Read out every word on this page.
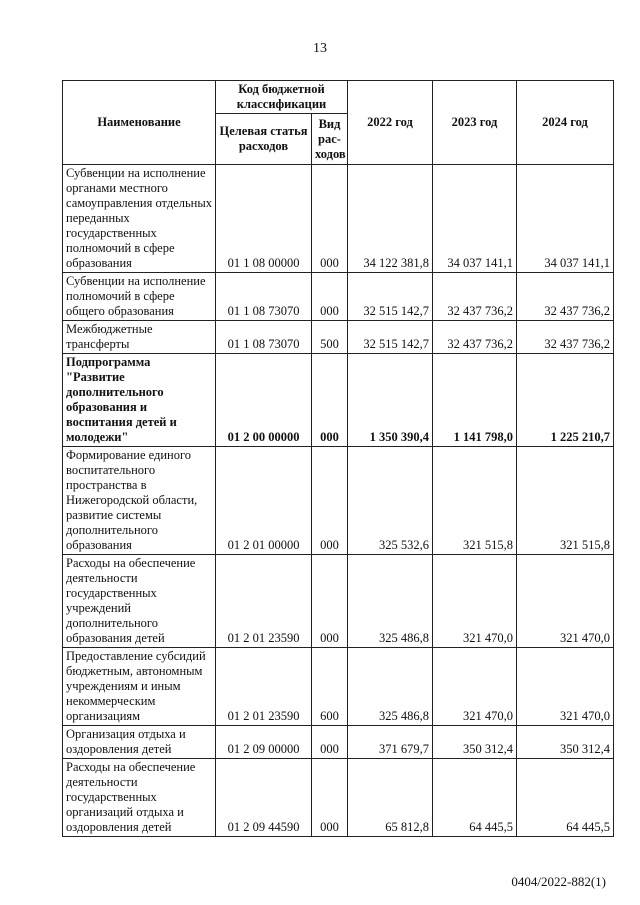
13
Наименование	Код бюджетной классификации		2022 год	2023 год	2024 год
	Целевая статья расходов	Вид рас-ходов			
Субвенции на исполнение органами местного самоуправления отдельных переданных государственных полномочий в сфере образования	01 1 08 00000	000	34 122 381,8	34 037 141,1	34 037 141,1
Субвенции на исполнение полномочий в сфере общего образования	01 1 08 73070	000	32 515 142,7	32 437 736,2	32 437 736,2
Межбюджетные трансферты	01 1 08 73070	500	32 515 142,7	32 437 736,2	32 437 736,2
Подпрограмма "Развитие дополнительного образования и воспитания детей и молодежи"	01 2 00 00000	000	1 350 390,4	1 141 798,0	1 225 210,7
Формирование единого воспитательного пространства в Нижегородской области, развитие системы дополнительного образования	01 2 01 00000	000	325 532,6	321 515,8	321 515,8
Расходы на обеспечение деятельности государственных учреждений дополнительного образования детей	01 2 01 23590	000	325 486,8	321 470,0	321 470,0
Предоставление субсидий бюджетным, автономным учреждениям и иным некоммерческим организациям	01 2 01 23590	600	325 486,8	321 470,0	321 470,0
Организация отдыха и оздоровления детей	01 2 09 00000	000	371 679,7	350 312,4	350 312,4
Расходы на обеспечение деятельности государственных организаций отдыха и оздоровления детей	01 2 09 44590	000	65 812,8	64 445,5	64 445,5
0404/2022-882(1)
